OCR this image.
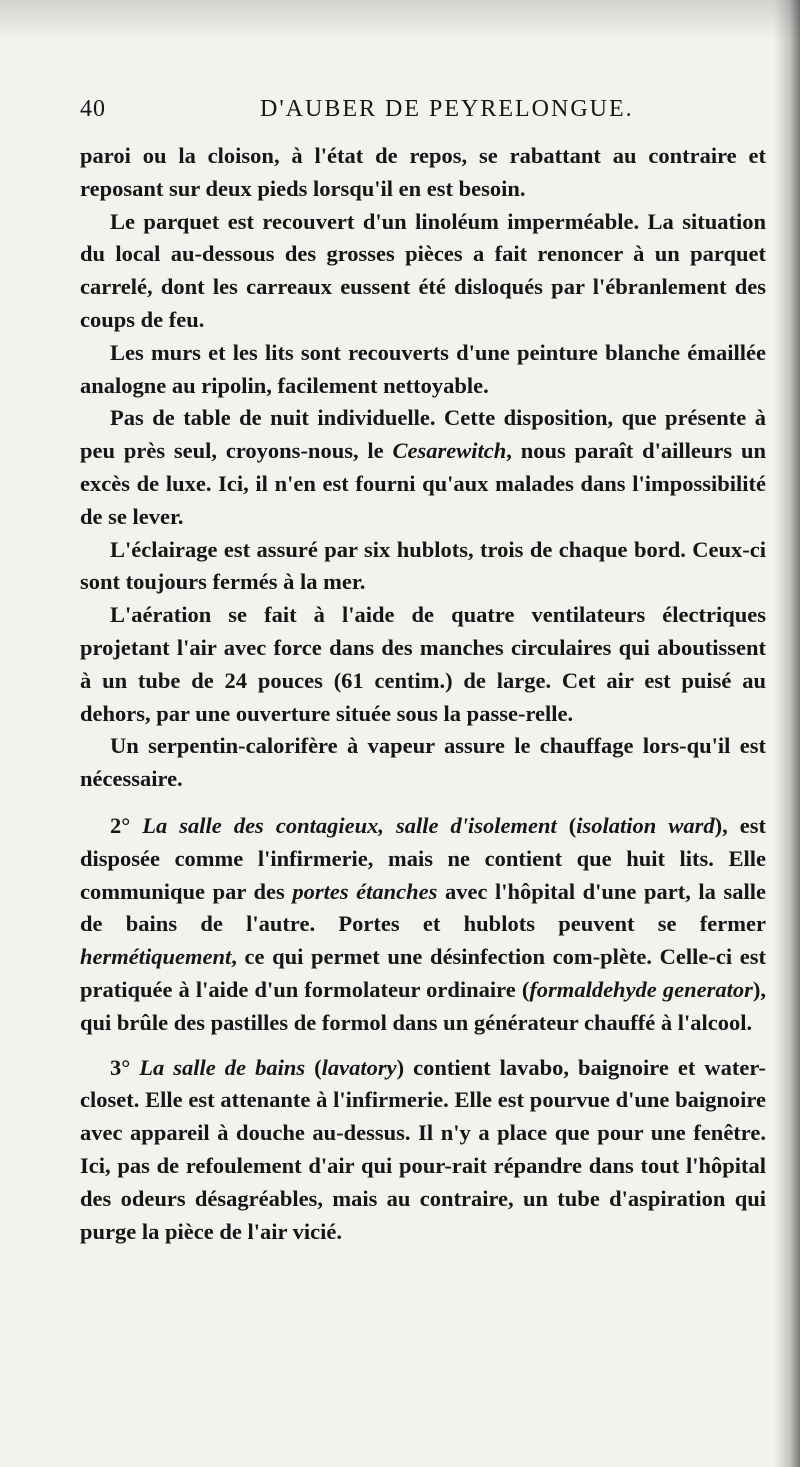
40	D'AUBER DE PEYRELONGUE.

paroi ou la cloison, à l'état de repos, se rabattant au contraire et reposant sur deux pieds lorsqu'il en est besoin.

Le parquet est recouvert d'un linoléum imperméable. La situation du local au-dessous des grosses pièces a fait renoncer à un parquet carrelé, dont les carreaux eussent été disloqués par l'ébranlement des coups de feu.

Les murs et les lits sont recouverts d'une peinture blanche émaillée analogne au ripolin, facilement nettoyable.

Pas de table de nuit individuelle. Cette disposition, que présente à peu près seul, croyons-nous, le Cesarewitch, nous paraît d'ailleurs un excès de luxe. Ici, il n'en est fourni qu'aux malades dans l'impossibilité de se lever.

L'éclairage est assuré par six hublots, trois de chaque bord. Ceux-ci sont toujours fermés à la mer.

L'aération se fait à l'aide de quatre ventilateurs électriques projetant l'air avec force dans des manches circulaires qui aboutissent à un tube de 24 pouces (61 centim.) de large. Cet air est puisé au dehors, par une ouverture située sous la passe-relle.

Un serpentin-calorifère à vapeur assure le chauffage lors-qu'il est nécessaire.

2° La salle des contagieux, salle d'isolement (isolation ward), est disposée comme l'infirmerie, mais ne contient que huit lits. Elle communique par des portes étanches avec l'hôpital d'une part, la salle de bains de l'autre. Portes et hublots peuvent se fermer hermétiquement, ce qui permet une désinfection com-plète. Celle-ci est pratiquée à l'aide d'un formolateur ordinaire (formaldehyde generator), qui brûle des pastilles de formol dans un générateur chauffé à l'alcool.

3° La salle de bains (lavatory) contient lavabo, baignoire et water-closet. Elle est attenante à l'infirmerie. Elle est pourvue d'une baignoire avec appareil à douche au-dessus. Il n'y a place que pour une fenêtre. Ici, pas de refoulement d'air qui pour-rait répandre dans tout l'hôpital des odeurs désagréables, mais au contraire, un tube d'aspiration qui purge la pièce de l'air vicié.
